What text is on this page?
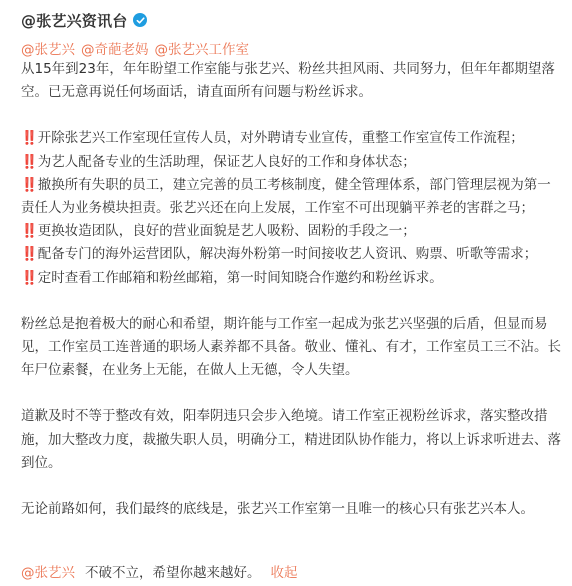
@张艺兴资讯台
@张艺兴 @奇葩老妈 @张艺兴工作室

从15年到23年，年年盼望工作室能与张艺兴、粉丝共担风雨、共同努力，但年年都期望落空。已无意再说任何场面话，请直面所有问题与粉丝诉求。

‼️开除张艺兴工作室现任宣传人员，对外聘请专业宣传，重整工作室宣传工作流程；

‼️为艺人配备专业的生活助理，保证艺人良好的工作和身体状态；

‼️撤换所有失职的员工，建立完善的员工考核制度，健全管理体系，部门管理层视为第一责任人为业务模块担责。张艺兴还在向上发展，工作室不可出现躺平养老的害群之马；

‼️更换妆造团队，良好的营业面貌是艺人吸粉、固粉的手段之一；

‼️配备专门的海外运营团队，解决海外粉第一时间接收艺人资讯、购票、听歌等需求；

‼️定时查看工作邮箱和粉丝邮箱，第一时间知晓合作邀约和粉丝诉求。

粉丝总是抱着极大的耐心和希望，期许能与工作室一起成为张艺兴坚强的后盾，但显而易见，工作室员工连普通的职场人素养都不具备。敬业、懂礼、有才，工作室员工三不沾。长年尸位素餐，在业务上无能，在做人上无德，令人失望。

道歉及时不等于整改有效，阳奉阴违只会步入绝境。请工作室正视粉丝诉求，落实整改措施，加大整改力度，裁撤失职人员，明确分工，精进团队协作能力，将以上诉求听进去、落到位。

无论前路如何，我们最终的底线是，张艺兴工作室第一且唯一的核心只有张艺兴本人。

@张艺兴 不破不立，希望你越来越好。 收起
